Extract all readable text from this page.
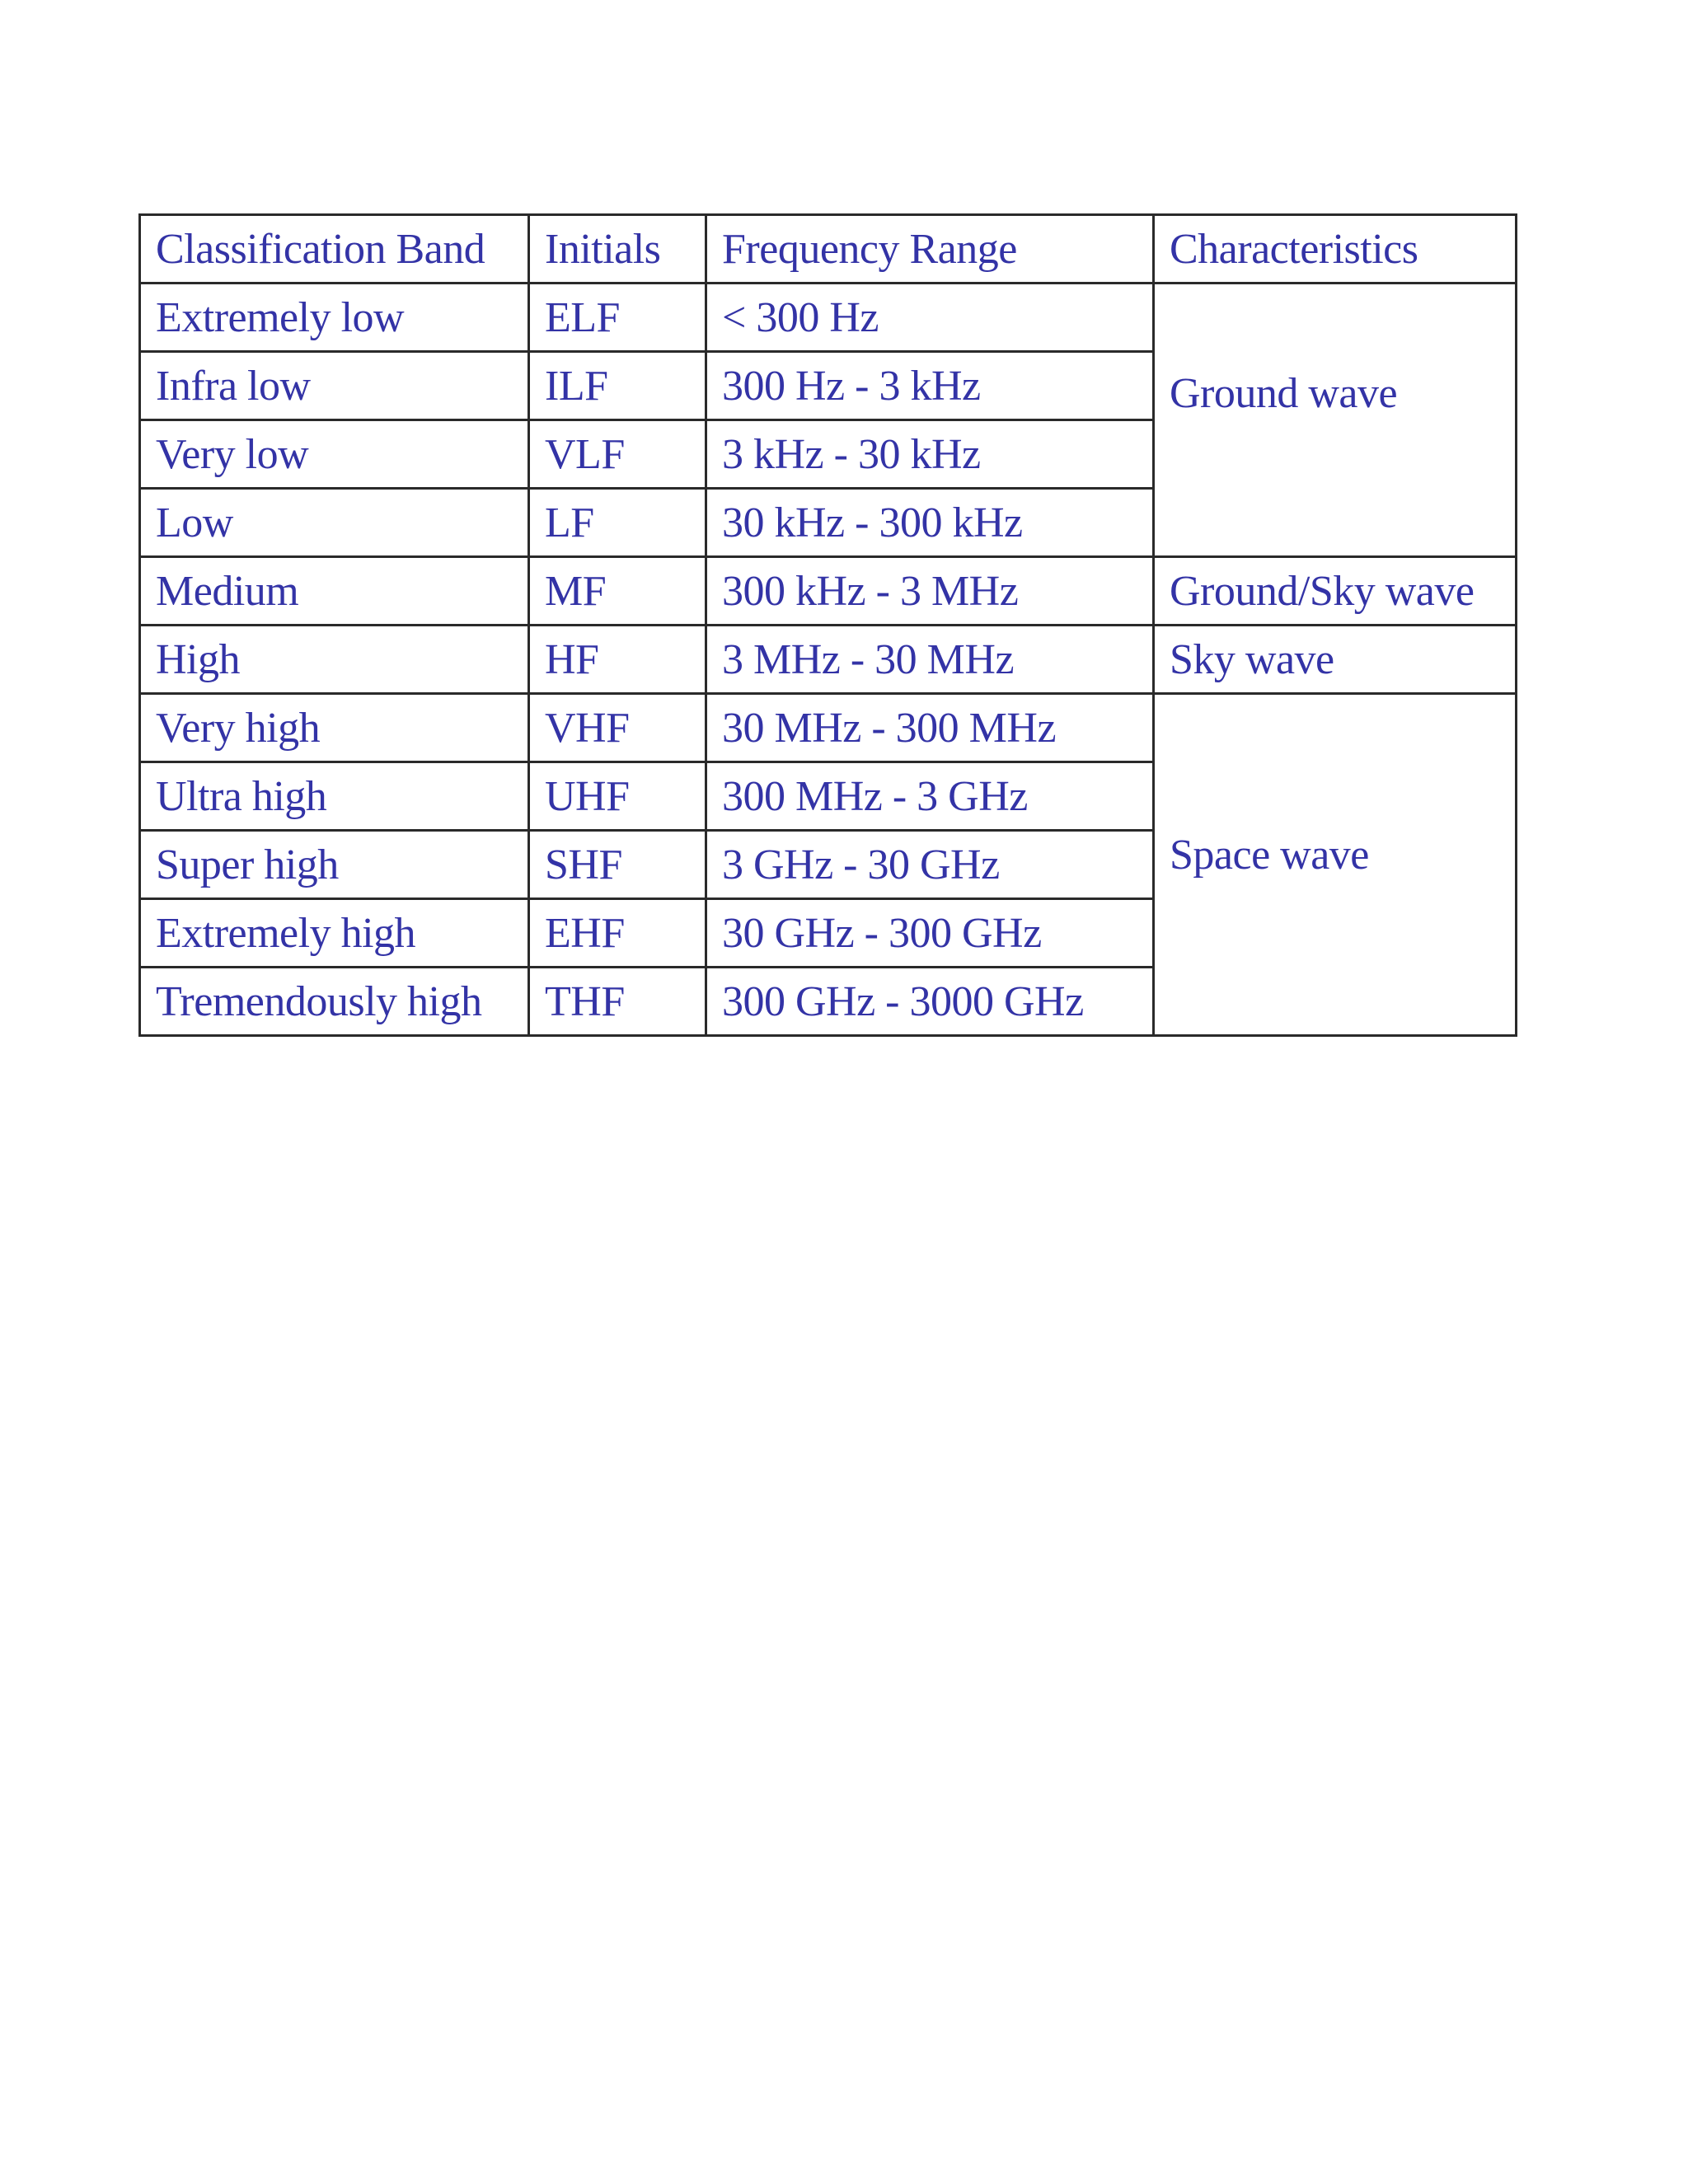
Classification Band	Initials	Frequency Range	Characteristics
Extremely low	ELF	< 300 Hz	Ground wave
Infra low	ILF	300 Hz - 3 kHz	
Very low	VLF	3 kHz - 30 kHz	
Low	LF	30 kHz - 300 kHz	
Medium	MF	300 kHz - 3 MHz	Ground/Sky wave
High	HF	3 MHz - 30 MHz	Sky wave
Very high	VHF	30 MHz - 300 MHz	Space wave
Ultra high	UHF	300 MHz - 3 GHz	
Super high	SHF	3 GHz - 30 GHz	
Extremely high	EHF	30 GHz - 300 GHz	
Tremendously high	THF	300 GHz - 3000 GHz	
